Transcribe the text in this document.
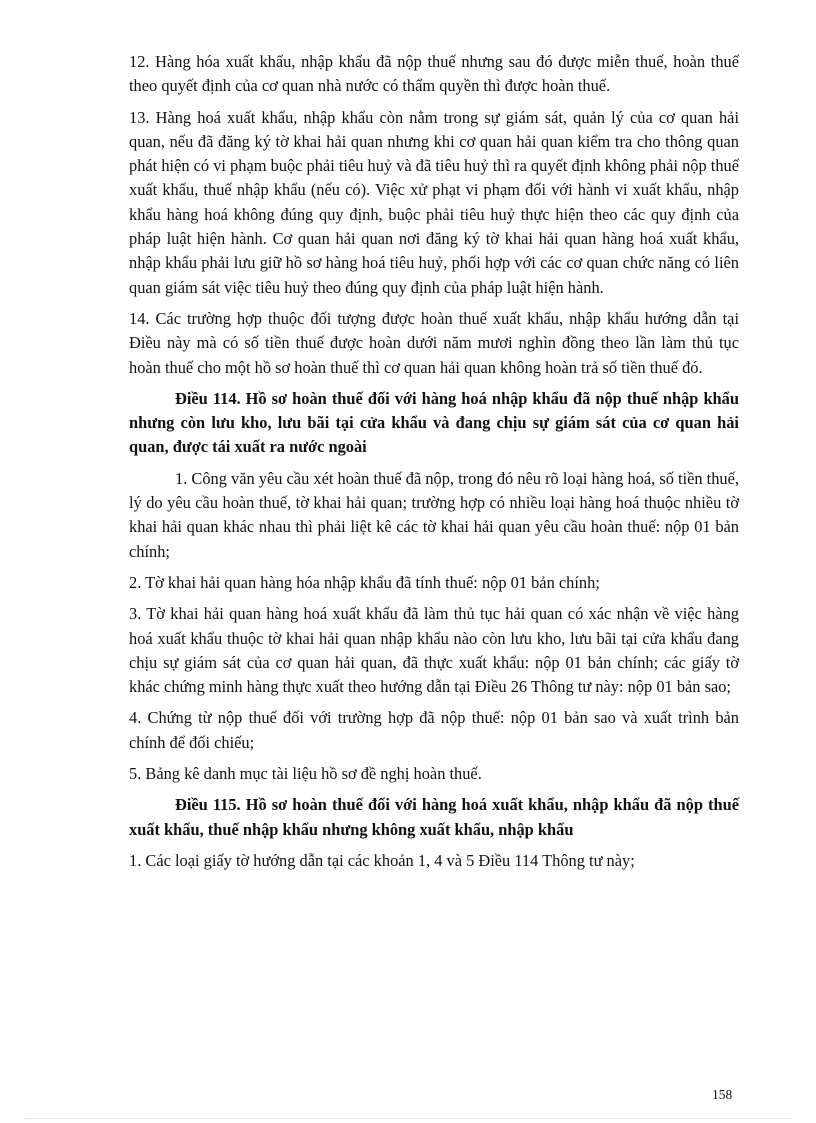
12. Hàng hóa xuất khẩu, nhập khẩu đã nộp thuế nhưng sau đó được miễn thuế, hoàn thuế theo quyết định của cơ quan nhà nước có thẩm quyền thì được hoàn thuế.

13. Hàng hoá xuất khẩu, nhập khẩu còn nằm trong sự giám sát, quản lý của cơ quan hải quan, nếu đã đăng ký tờ khai hải quan nhưng khi cơ quan hải quan kiểm tra cho thông quan phát hiện có vi phạm buộc phải tiêu huỷ và đã tiêu huỷ thì ra quyết định không phải nộp thuế xuất khẩu, thuế nhập khẩu (nếu có). Việc xử phạt vi phạm đối với hành vi xuất khẩu, nhập khẩu hàng hoá không đúng quy định, buộc phải tiêu huỷ thực hiện theo các quy định của pháp luật hiện hành. Cơ quan hải quan nơi đăng ký tờ khai hải quan hàng hoá xuất khẩu, nhập khẩu phải lưu giữ hồ sơ hàng hoá tiêu huỷ, phối hợp với các cơ quan chức năng có liên quan giám sát việc tiêu huỷ theo đúng quy định của pháp luật hiện hành.

14. Các trường hợp thuộc đối tượng được hoàn thuế xuất khẩu, nhập khẩu hướng dẫn tại Điều này mà có số tiền thuế được hoàn dưới năm mươi nghìn đồng theo lần làm thủ tục hoàn thuế cho một hồ sơ hoàn thuế thì cơ quan hải quan không hoàn trả số tiền thuế đó.

Điều 114. Hồ sơ hoàn thuế đối với hàng hoá nhập khẩu đã nộp thuế nhập khẩu nhưng còn lưu kho, lưu bãi tại cửa khẩu và đang chịu sự giám sát của cơ quan hải quan, được tái xuất ra nước ngoài

1. Công văn yêu cầu xét hoàn thuế đã nộp, trong đó nêu rõ loại hàng hoá, số tiền thuế, lý do yêu cầu hoàn thuế, tờ khai hải quan; trường hợp có nhiều loại hàng hoá thuộc nhiều tờ khai hải quan khác nhau thì phải liệt kê các tờ khai hải quan yêu cầu hoàn thuế: nộp 01 bản chính;

2. Tờ khai hải quan hàng hóa nhập khẩu đã tính thuế: nộp 01 bản chính;

3. Tờ khai hải quan hàng hoá xuất khẩu đã làm thủ tục hải quan có xác nhận về việc hàng hoá xuất khẩu thuộc tờ khai hải quan nhập khẩu nào còn lưu kho, lưu bãi tại cửa khẩu đang chịu sự giám sát của cơ quan hải quan, đã thực xuất khẩu: nộp 01 bản chính; các giấy tờ khác chứng minh hàng thực xuất theo hướng dẫn tại Điều 26 Thông tư này: nộp 01 bản sao;

4. Chứng từ nộp thuế đối với trường hợp đã nộp thuế: nộp 01 bản sao và xuất trình bản chính để đối chiếu;

5. Bảng kê danh mục tài liệu hồ sơ đề nghị hoàn thuế.

Điều 115. Hồ sơ hoàn thuế đối với hàng hoá xuất khẩu, nhập khẩu đã nộp thuế xuất khẩu, thuế nhập khẩu nhưng không xuất khẩu, nhập khẩu

1. Các loại giấy tờ hướng dẫn tại các khoản 1, 4 và 5 Điều 114 Thông tư này;

158
